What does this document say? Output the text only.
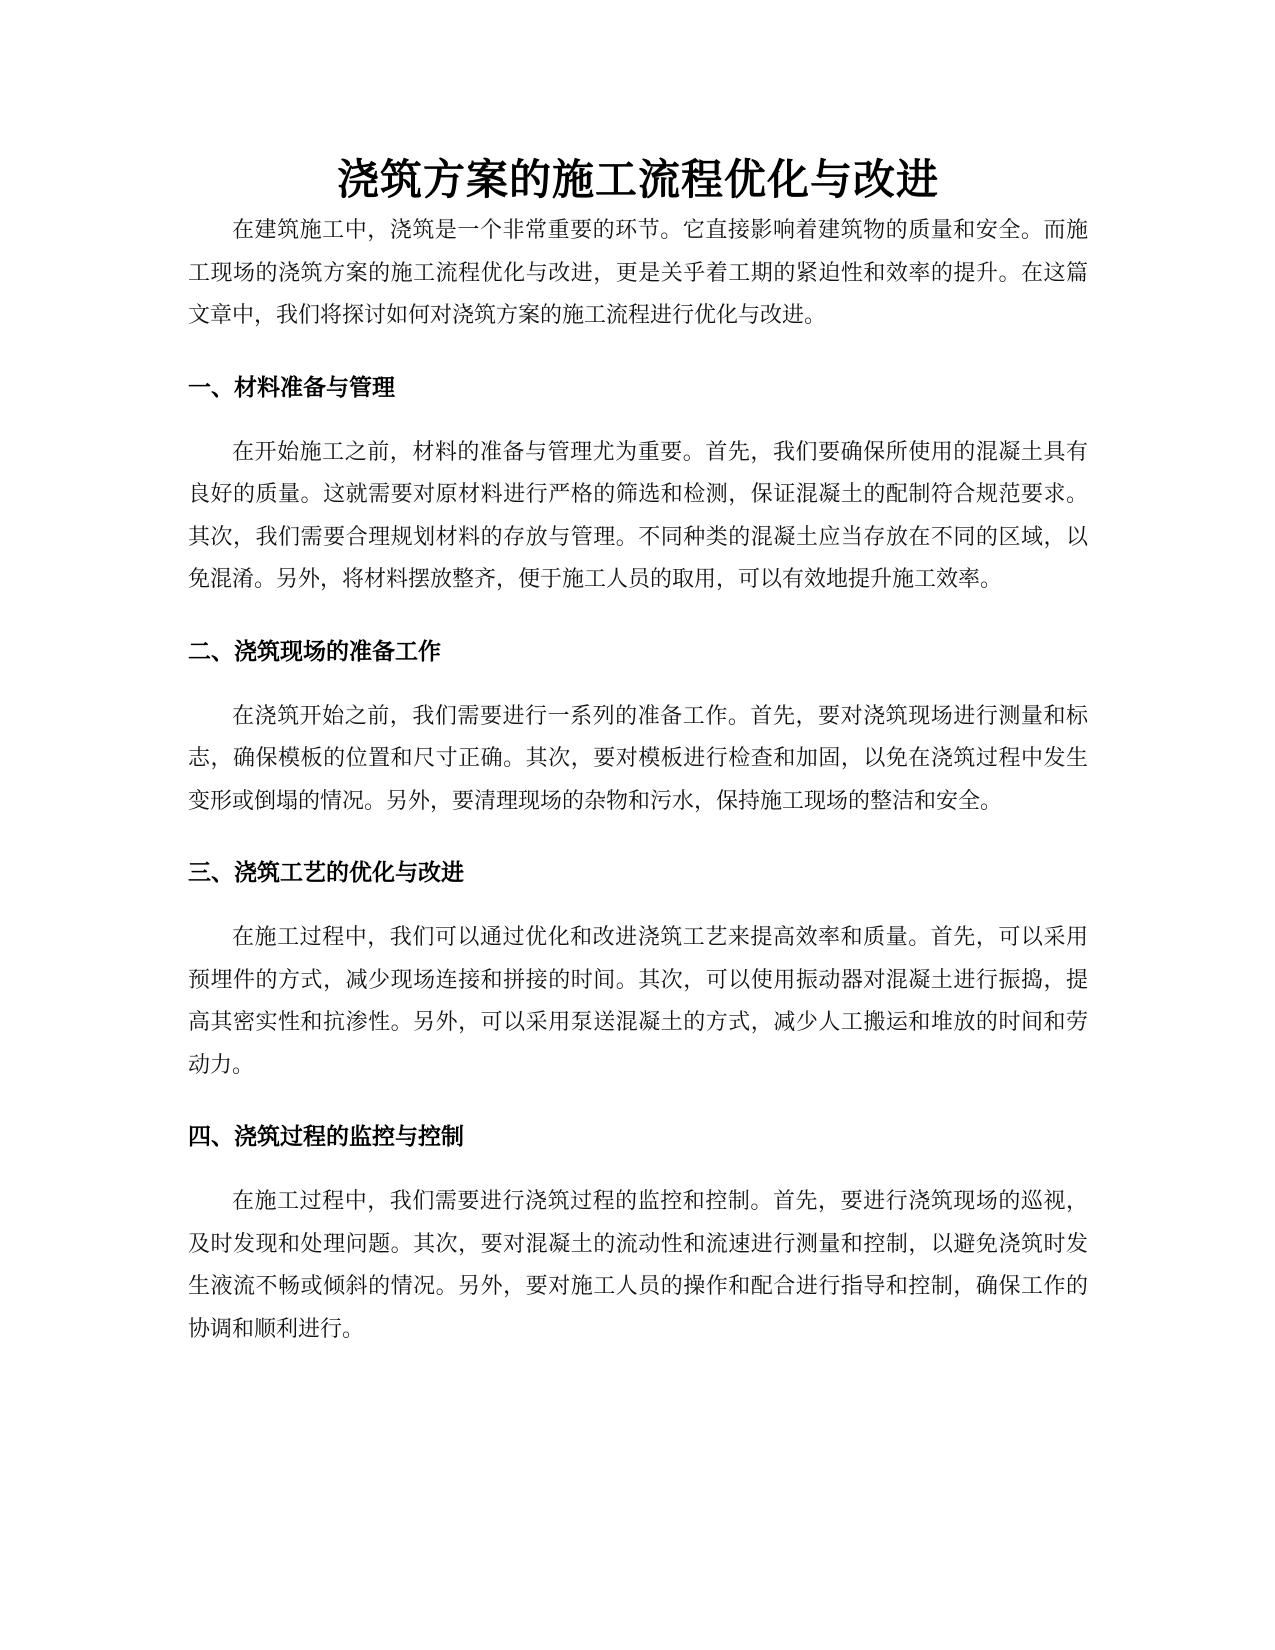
浇筑方案的施工流程优化与改进

在建筑施工中，浇筑是一个非常重要的环节。它直接影响着建筑物的质量和安全。而施工现场的浇筑方案的施工流程优化与改进，更是关乎着工期的紧迫性和效率的提升。在这篇文章中，我们将探讨如何对浇筑方案的施工流程进行优化与改进。

一、材料准备与管理

在开始施工之前，材料的准备与管理尤为重要。首先，我们要确保所使用的混凝土具有良好的质量。这就需要对原材料进行严格的筛选和检测，保证混凝土的配制符合规范要求。其次，我们需要合理规划材料的存放与管理。不同种类的混凝土应当存放在不同的区域，以免混淆。另外，将材料摆放整齐，便于施工人员的取用，可以有效地提升施工效率。

二、浇筑现场的准备工作

在浇筑开始之前，我们需要进行一系列的准备工作。首先，要对浇筑现场进行测量和标志，确保模板的位置和尺寸正确。其次，要对模板进行检查和加固，以免在浇筑过程中发生变形或倒塌的情况。另外，要清理现场的杂物和污水，保持施工现场的整洁和安全。

三、浇筑工艺的优化与改进

在施工过程中，我们可以通过优化和改进浇筑工艺来提高效率和质量。首先，可以采用预埋件的方式，减少现场连接和拼接的时间。其次，可以使用振动器对混凝土进行振捣，提高其密实性和抗渗性。另外，可以采用泵送混凝土的方式，减少人工搬运和堆放的时间和劳动力。

四、浇筑过程的监控与控制

在施工过程中，我们需要进行浇筑过程的监控和控制。首先，要进行浇筑现场的巡视，及时发现和处理问题。其次，要对混凝土的流动性和流速进行测量和控制，以避免浇筑时发生液流不畅或倾斜的情况。另外，要对施工人员的操作和配合进行指导和控制，确保工作的协调和顺利进行。
